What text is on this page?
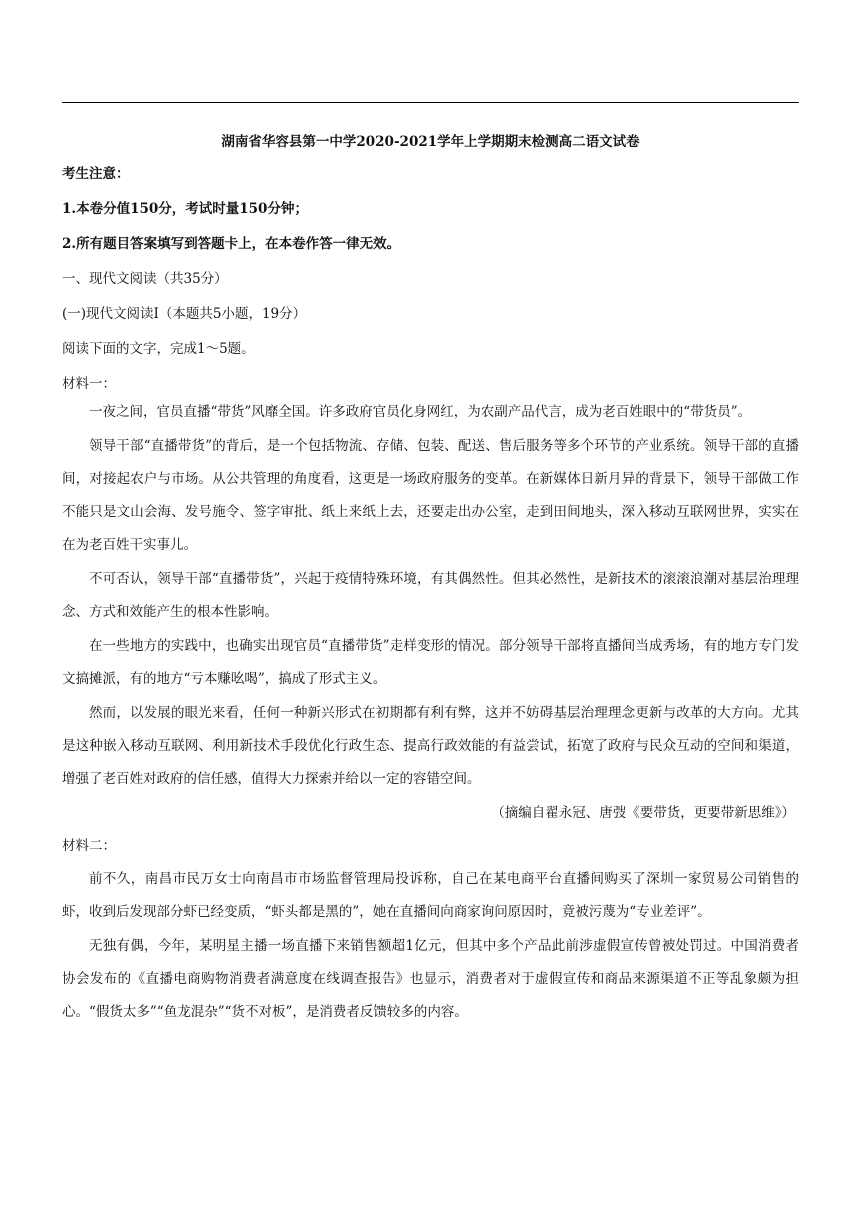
湖南省华容县第一中学2020-2021学年上学期期末检测高二语文试卷
考生注意：
1.本卷分值150分，考试时量150分钟；
2.所有题目答案填写到答题卡上，在本卷作答一律无效。
一、现代文阅读（共35分）
(一)现代文阅读Ⅰ（本题共5小题，19分）
阅读下面的文字，完成1～5题。
材料一：

一夜之间，官员直播“带货”风靡全国。许多政府官员化身网红，为农副产品代言，成为老百姓眼中的“带货员”。

领导干部“直播带货”的背后，是一个包括物流、存储、包装、配送、售后服务等多个环节的产业系统。领导干部的直播间，对接起农户与市场。从公共管理的角度看，这更是一场政府服务的变革。在新媒体日新月异的背景下，领导干部做工作不能只是文山会海、发号施令、签字审批、纸上来纸上去，还要走出办公室，走到田间地头，深入移动互联网世界，实实在在为老百姓干实事儿。

不可否认，领导干部“直播带货”，兴起于疫情特殊环境，有其偶然性。但其必然性，是新技术的滚滚浪潮对基层治理理念、方式和效能产生的根本性影响。

在一些地方的实践中，也确实出现官员“直播带货”走样变形的情况。部分领导干部将直播间当成秀场，有的地方专门发文搞摊派，有的地方“亏本赚吆喝”，搞成了形式主义。

然而，以发展的眼光来看，任何一种新兴形式在初期都有利有弊，这并不妨碍基层治理理念更新与改革的大方向。尤其是这种嵌入移动互联网、利用新技术手段优化行政生态、提高行政效能的有益尝试，拓宽了政府与民众互动的空间和渠道，增强了老百姓对政府的信任感，值得大力探索并给以一定的容错空间。

（摘编自翟永冠、唐弢《要带货，更要带新思维》）

材料二：

前不久，南昌市民万女士向南昌市市场监督管理局投诉称，自己在某电商平台直播间购买了深圳一家贸易公司销售的虾，收到后发现部分虾已经变质，“虾头都是黑的”，她在直播间向商家询问原因时，竟被污蔑为“专业差评”。

无独有偶，今年，某明星主播一场直播下来销售额超1亿元，但其中多个产品此前涉虚假宣传曾被处罚过。中国消费者协会发布的《直播电商购物消费者满意度在线调查报告》也显示，消费者对于虚假宣传和商品来源渠道不正等乱象颇为担心。“假货太多”“鱼龙混杂”“货不对板”，是消费者反馈较多的内容。
